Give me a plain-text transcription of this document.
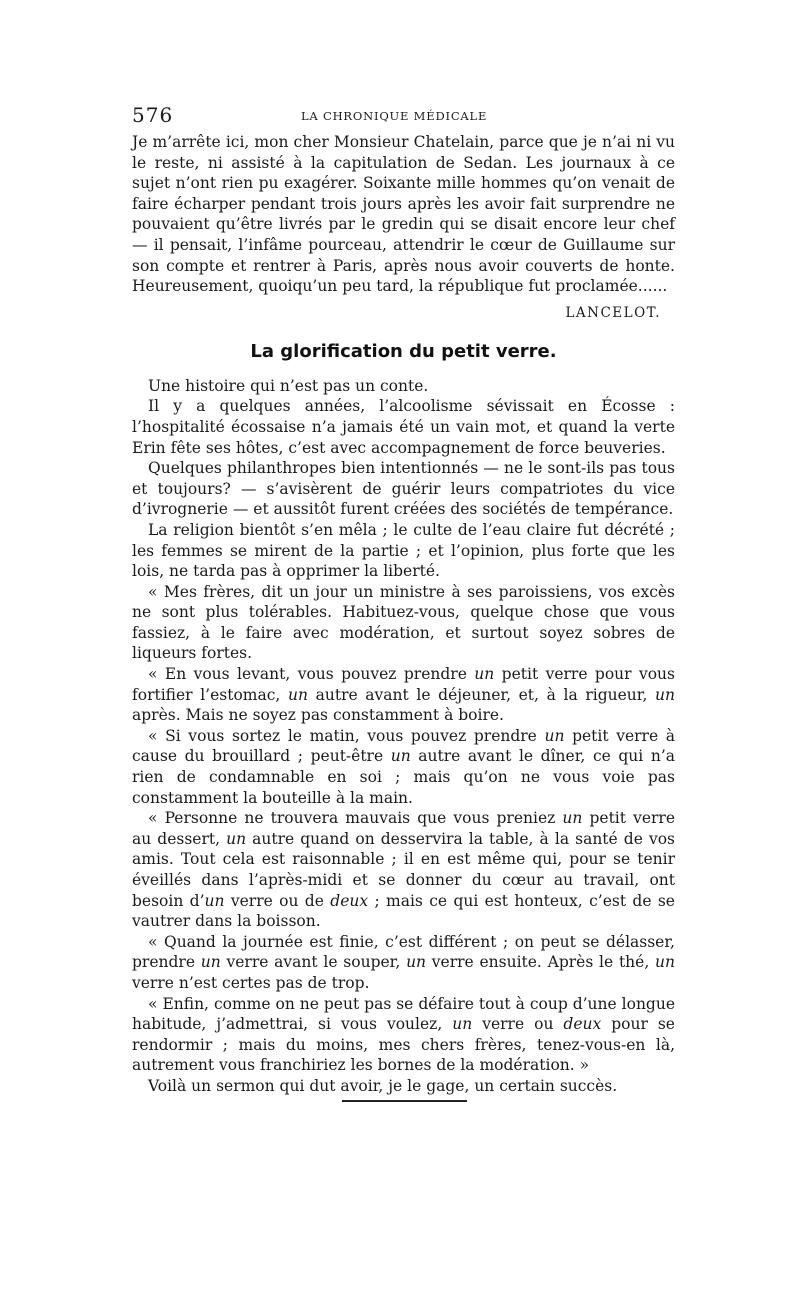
576	LA CHRONIQUE MÉDICALE

Je m’arrête ici, mon cher Monsieur Chatelain, parce que je n’ai ni vu le reste, ni assisté à la capitulation de Sedan. Les journaux à ce sujet n’ont rien pu exagérer. Soixante mille hommes qu’on venait de faire écharper pendant trois jours après les avoir fait surprendre ne pouvaient qu’être livrés par le gredin qui se disait encore leur chef — il pensait, l’infâme pourceau, attendrir le cœur de Guillaume sur son compte et rentrer à Paris, après nous avoir couverts de honte. Heureusement, quoiqu’un peu tard, la république fut proclamée......

LANCELOT.
La glorification du petit verre.

Une histoire qui n’est pas un conte.

Il y a quelques années, l’alcoolisme sévissait en Écosse : l’hospitalité écossaise n’a jamais été un vain mot, et quand la verte Erin fête ses hôtes, c’est avec accompagnement de force beuveries.

Quelques philanthropes bien intentionnés — ne le sont-ils pas tous et toujours? — s’avisèrent de guérir leurs compatriotes du vice d’ivrognerie — et aussitôt furent créées des sociétés de tempérance.

La religion bientôt s’en mêla ; le culte de l’eau claire fut décrété ; les femmes se mirent de la partie ; et l’opinion, plus forte que les lois, ne tarda pas à opprimer la liberté.

« Mes frères, dit un jour un ministre à ses paroissiens, vos excès ne sont plus tolérables. Habituez-vous, quelque chose que vous fassiez, à le faire avec modération, et surtout soyez sobres de liqueurs fortes.

« En vous levant, vous pouvez prendre un petit verre pour vous fortifier l’estomac, un autre avant le déjeuner, et, à la rigueur, un après. Mais ne soyez pas constamment à boire.

« Si vous sortez le matin, vous pouvez prendre un petit verre à cause du brouillard ; peut-être un autre avant le dîner, ce qui n’a rien de condamnable en soi ; mais qu’on ne vous voie pas constamment la bouteille à la main.

« Personne ne trouvera mauvais que vous preniez un petit verre au dessert, un autre quand on desservira la table, à la santé de vos amis. Tout cela est raisonnable ; il en est même qui, pour se tenir éveillés dans l’après-midi et se donner du cœur au travail, ont besoin d’un verre ou de deux ; mais ce qui est honteux, c’est de se vautrer dans la boisson.

« Quand la journée est finie, c’est différent ; on peut se délasser, prendre un verre avant le souper, un verre ensuite. Après le thé, un verre n’est certes pas de trop.

« Enfin, comme on ne peut pas se défaire tout à coup d’une longue habitude, j’admettrai, si vous voulez, un verre ou deux pour se rendormir ; mais du moins, mes chers frères, tenez-vous-en là, autrement vous franchiriez les bornes de la modération. »

Voilà un sermon qui dut avoir, je le gage, un certain succès.
